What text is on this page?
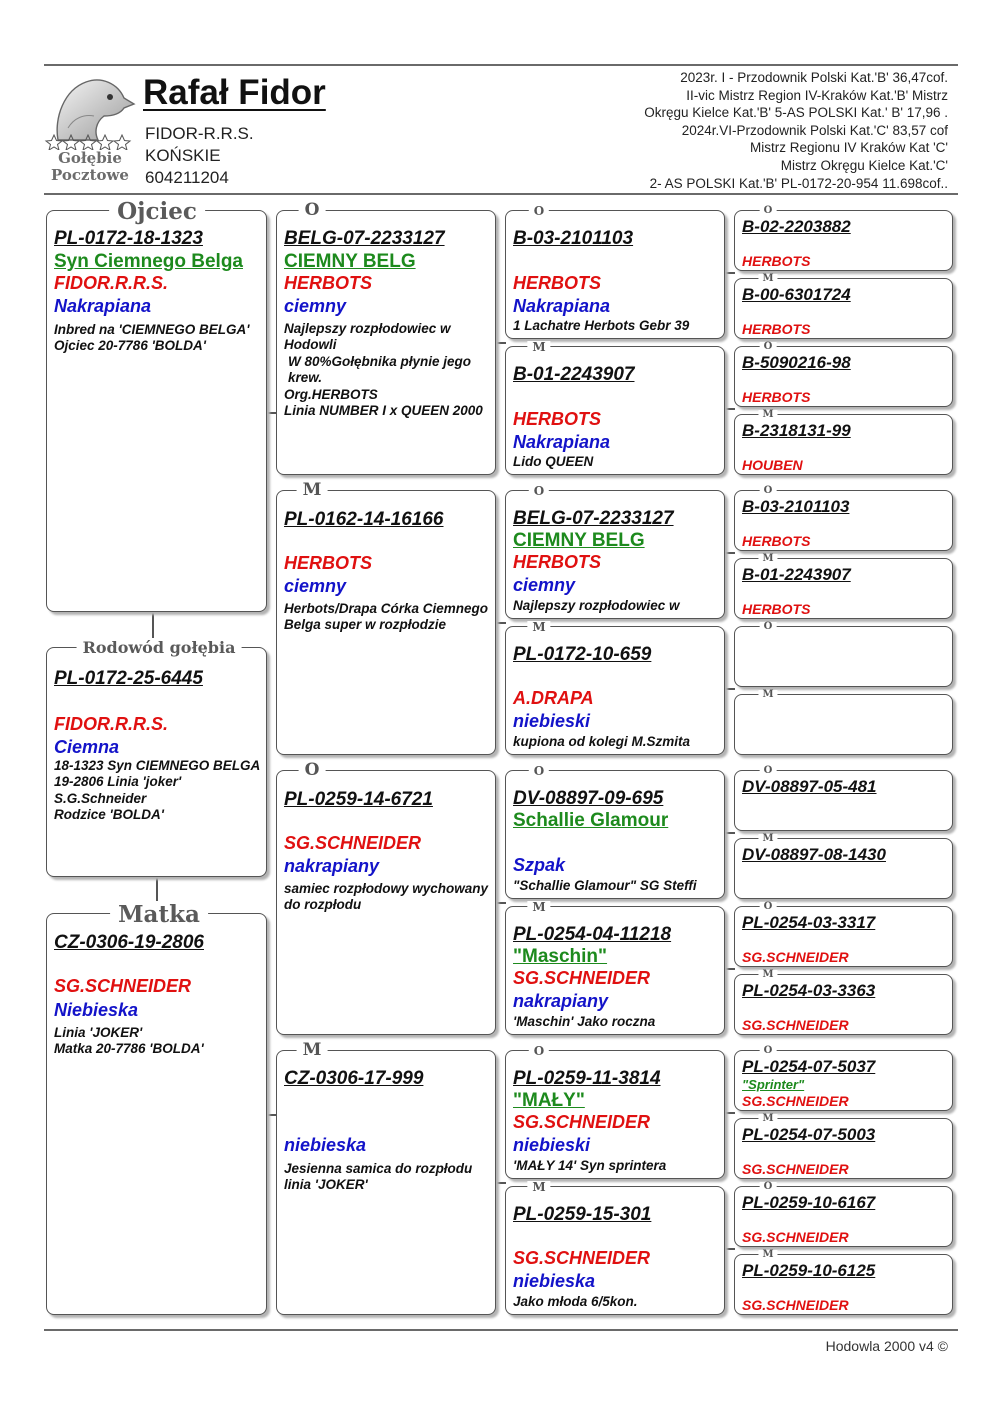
Gołębie
Pocztowe
Rafał Fidor
FIDOR-R.R.S.
KOŃSKIE
604211204
2023r. I - Przodownik Polski Kat.'B' 36,47cof.
II-vic Mistrz Region IV-Kraków Kat.'B' Mistrz
Okręgu Kielce Kat.'B' 5-AS POLSKI Kat.' B' 17,96 .
2024r.VI-Przodownik Polski Kat.'C' 83,57 cof
Mistrz Regionu IV Kraków Kat 'C'
Mistrz Okręgu Kielce Kat.'C'
2- AS POLSKI Kat.'B' PL-0172-20-954 11.698cof..
Ojciec
PL-0172-18-1323
Syn Ciemnego Belga
FIDOR.R.R.S.
Nakrapiana
Inbred na 'CIEMNEGO BELGA'
Ojciec 20-7786 'BOLDA'
Rodowód gołębia
PL-0172-25-6445
FIDOR.R.R.S.
Ciemna
18-1323 Syn CIEMNEGO BELGA
19-2806 Linia 'joker'
S.G.Schneider
Rodzice 'BOLDA'
Matka
CZ-0306-19-2806
SG.SCHNEIDER
Niebieska
Linia 'JOKER'
Matka 20-7786 'BOLDA'
O
BELG-07-2233127
CIEMNY BELG
HERBOTS
ciemny
Najlepszy rozpłodowiec w Hodowli
W 80%Gołębnika płynie jego krew.
Org.HERBOTS
Linia NUMBER I x QUEEN 2000
M
PL-0162-14-16166
HERBOTS
ciemny
Herbots/Drapa Córka Ciemnego Belga super w rozpłodzie
O
PL-0259-14-6721
SG.SCHNEIDER
nakrapiany
samiec rozpłodowy wychowany do rozpłodu
M
CZ-0306-17-999
niebieska
Jesienna samica do rozpłodu
linia 'JOKER'
O
B-03-2101103
HERBOTS
Nakrapiana
1 Lachatre Herbots Gebr 39
M
B-01-2243907
HERBOTS
Nakrapiana
Lido QUEEN
O
BELG-07-2233127
CIEMNY BELG
HERBOTS
ciemny
Najlepszy rozpłodowiec w
M
PL-0172-10-659
A.DRAPA
niebieski
kupiona od kolegi M.Szmita
O
DV-08897-09-695
Schallie Glamour
Szpak
"Schallie Glamour" SG Steffi
M
PL-0254-04-11218
"Maschin"
SG.SCHNEIDER
nakrapiany
'Maschin' Jako roczna
O
PL-0259-11-3814
"MAŁY"
SG.SCHNEIDER
niebieski
'MAŁY 14' Syn sprintera
M
PL-0259-15-301
SG.SCHNEIDER
niebieska
Jako młoda 6/5kon.
O
B-02-2203882
HERBOTS
M
B-00-6301724
HERBOTS
O
B-5090216-98
HERBOTS
M
B-2318131-99
HOUBEN
O
B-03-2101103
HERBOTS
M
B-01-2243907
HERBOTS
O
M
O
DV-08897-05-481
M
DV-08897-08-1430
O
PL-0254-03-3317
SG.SCHNEIDER
M
PL-0254-03-3363
SG.SCHNEIDER
O
PL-0254-07-5037
"Sprinter"
SG.SCHNEIDER
M
PL-0254-07-5003
SG.SCHNEIDER
O
PL-0259-10-6167
SG.SCHNEIDER
M
PL-0259-10-6125
SG.SCHNEIDER
Hodowla 2000 v4 ©
